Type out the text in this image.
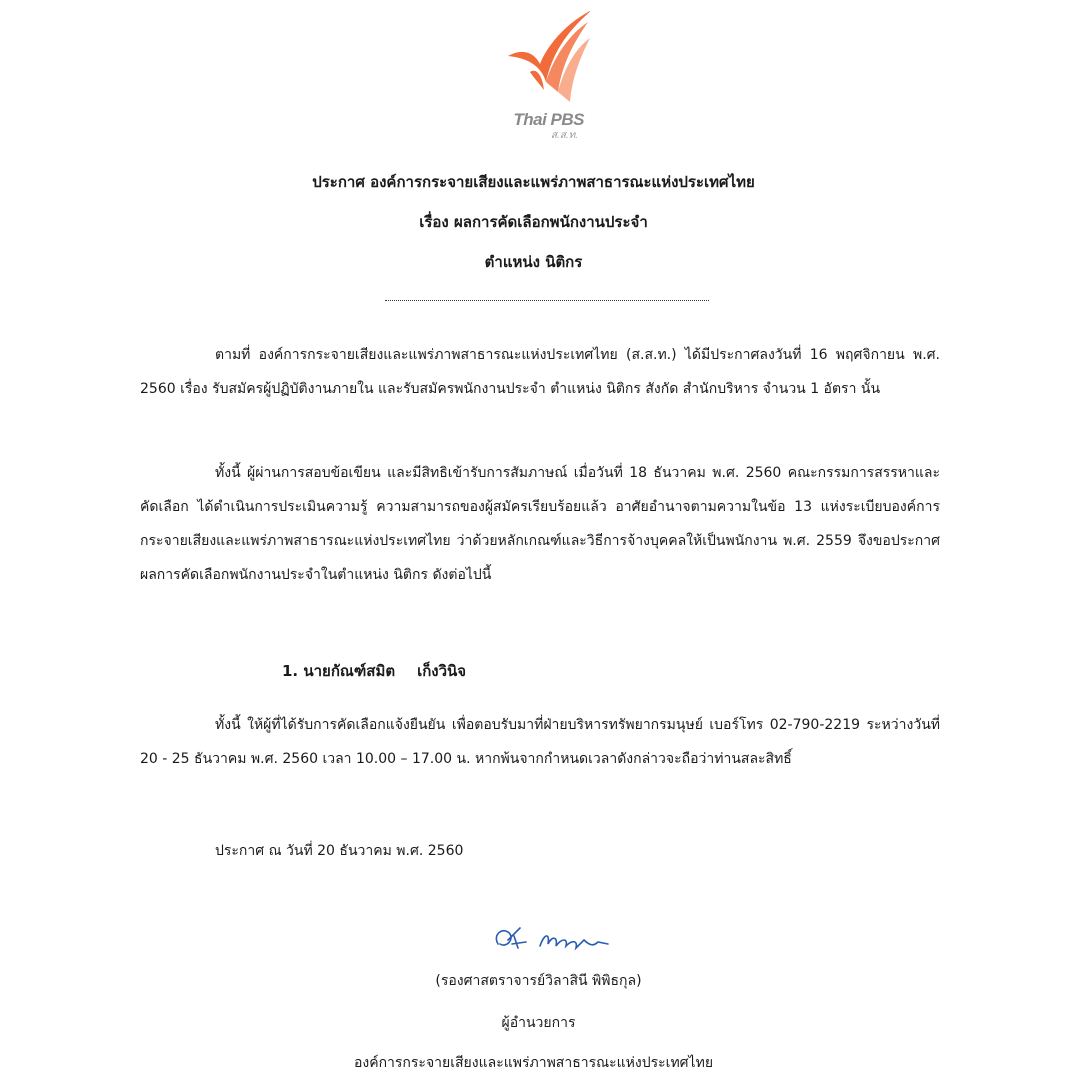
Thai PBS
ส.ส.ท.
ประกาศ องค์การกระจายเสียงและแพร่ภาพสาธารณะแห่งประเทศไทย
เรื่อง ผลการคัดเลือกพนักงานประจำ
ตำแหน่ง นิติกร

ตามที่ องค์การกระจายเสียงและแพร่ภาพสาธารณะแห่งประเทศไทย (ส.ส.ท.) ได้มีประกาศลงวันที่ 16 พฤศจิกายน พ.ศ. 2560 เรื่อง รับสมัครผู้ปฏิบัติงานภายใน และรับสมัครพนักงานประจำ ตำแหน่ง นิติกร สังกัด สำนักบริหาร จำนวน 1 อัตรา นั้น

ทั้งนี้ ผู้ผ่านการสอบข้อเขียน และมีสิทธิเข้ารับการสัมภาษณ์ เมื่อวันที่ 18 ธันวาคม พ.ศ. 2560 คณะกรรมการสรรหาและคัดเลือก ได้ดำเนินการประเมินความรู้ ความสามารถของผู้สมัครเรียบร้อยแล้ว อาศัยอำนาจตามความในข้อ 13 แห่งระเบียบองค์การกระจายเสียงและแพร่ภาพสาธารณะแห่งประเทศไทย ว่าด้วยหลักเกณฑ์และวิธีการจ้างบุคคลให้เป็นพนักงาน พ.ศ. 2559 จึงขอประกาศผลการคัดเลือกพนักงานประจำในตำแหน่ง นิติกร ดังต่อไปนี้

1. นายกัณฑ์สมิต เก็งวินิจ

ทั้งนี้ ให้ผู้ที่ได้รับการคัดเลือกแจ้งยืนยัน เพื่อตอบรับมาที่ฝ่ายบริหารทรัพยากรมนุษย์ เบอร์โทร 02-790-2219 ระหว่างวันที่ 20 - 25 ธันวาคม พ.ศ. 2560 เวลา 10.00 – 17.00 น. หากพ้นจากกำหนดเวลาดังกล่าวจะถือว่าท่านสละสิทธิ์

ประกาศ ณ วันที่ 20 ธันวาคม พ.ศ. 2560
(รองศาสตราจารย์วิลาสินี พิพิธกุล)
ผู้อำนวยการ
องค์การกระจายเสียงและแพร่ภาพสาธารณะแห่งประเทศไทย
